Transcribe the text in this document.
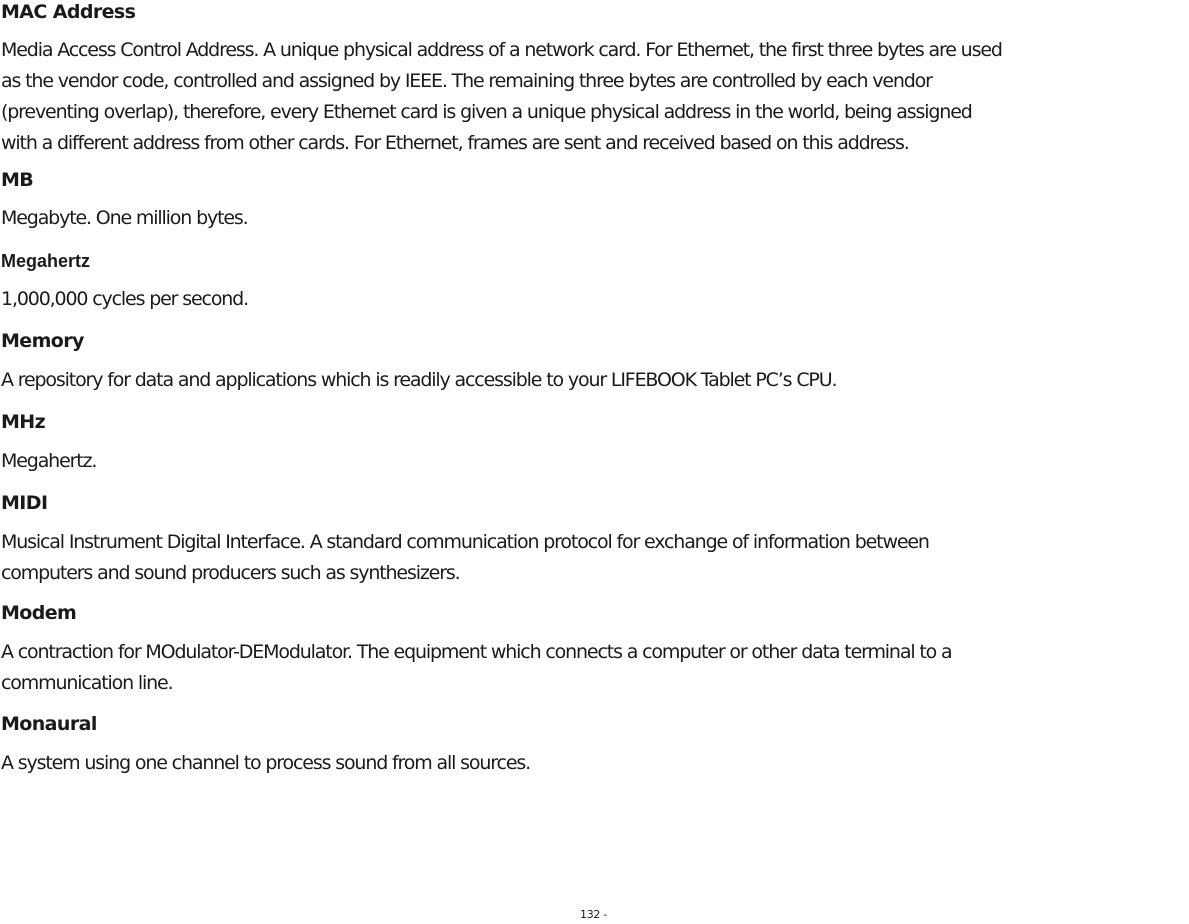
MAC Address

Media Access Control Address. A unique physical address of a network card. For Ethernet, the first three bytes are used
as the vendor code, controlled and assigned by IEEE. The remaining three bytes are controlled by each vendor
(preventing overlap), therefore, every Ethernet card is given a unique physical address in the world, being assigned
with a different address from other cards. For Ethernet, frames are sent and received based on this address.

MB

Megabyte. One million bytes.

Megahertz

1,000,000 cycles per second.

Memory

A repository for data and applications which is readily accessible to your LIFEBOOK Tablet PC’s CPU.

MHz

Megahertz.

MIDI

Musical Instrument Digital Interface. A standard communication protocol for exchange of information between
computers and sound producers such as synthesizers.

Modem

A contraction for MOdulator-DEModulator. The equipment which connects a computer or other data terminal to a
communication line.

Monaural

A system using one channel to process sound from all sources.

132 -
